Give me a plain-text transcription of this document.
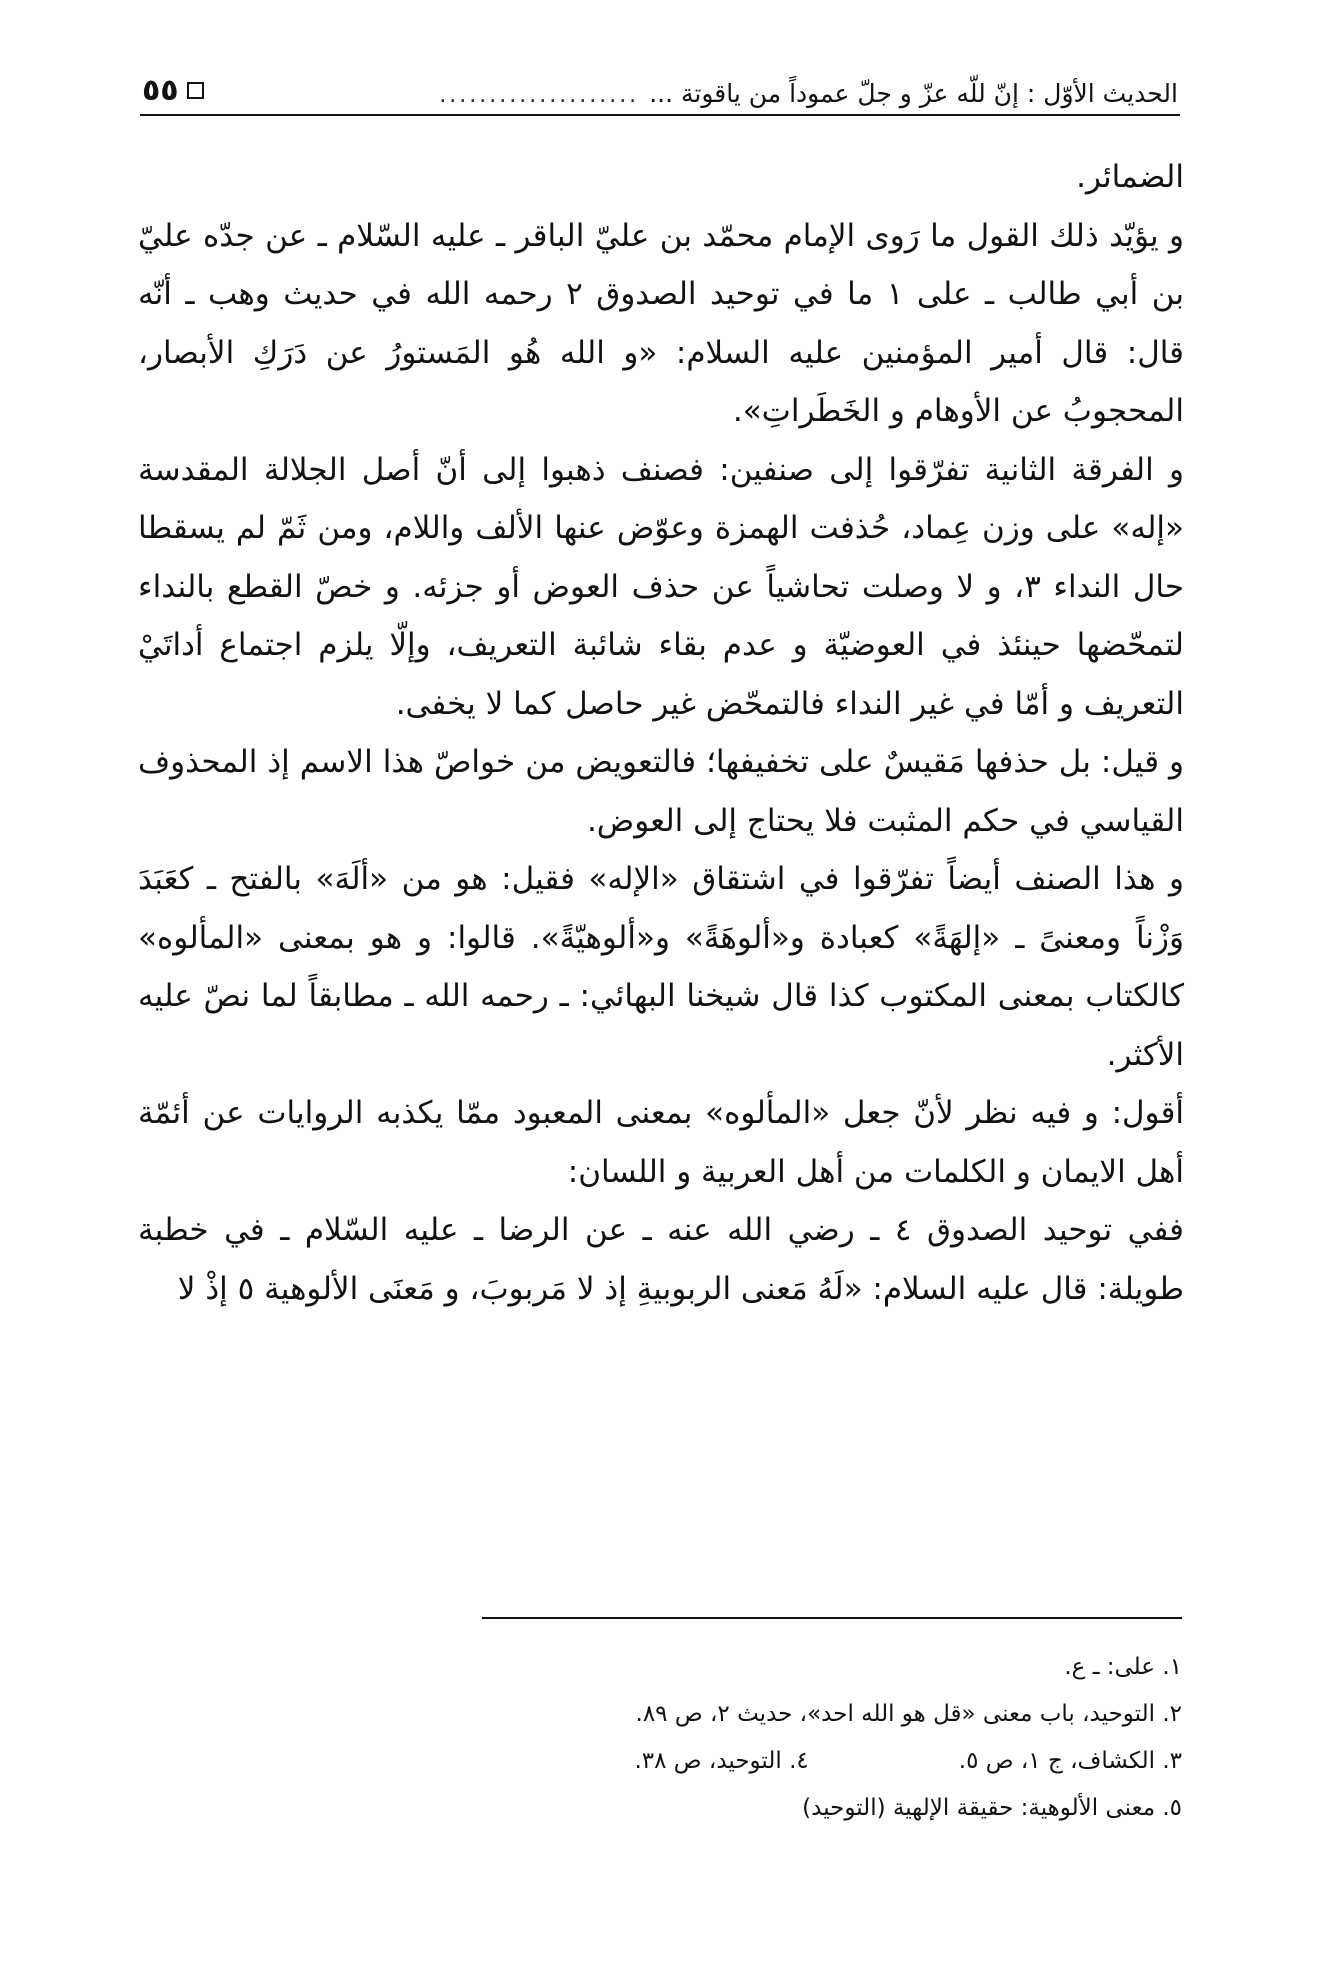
الحديث الأوّل : إنّ للّه عزّ و جلّ عموداً من ياقوتة ...
....................
٥٥

الضمائر.

و يؤيّد ذلك القول ما رَوى الإمام محمّد بن عليّ الباقر ـ عليه السّلام ـ عن جدّه عليّ بن أبي طالب ـ على ١ ما في توحيد الصدوق ٢ رحمه الله في حديث وهب ـ أنّه قال: قال أمير المؤمنين عليه السلام: «و الله هُو المَستورُ عن دَرَكِ الأبصار، المحجوبُ عن الأوهام و الخَطَراتِ».

و الفرقة الثانية تفرّقوا إلى صنفين: فصنف ذهبوا إلى أنّ أصل الجلالة المقدسة «إله» على وزن عِماد، حُذفت الهمزة وعوّض عنها الألف واللام، ومن ثَمّ لم يسقطا حال النداء ٣، و لا وصلت تحاشياً عن حذف العوض أو جزئه. و خصّ القطع بالنداء لتمحّضها حينئذ في العوضيّة و عدم بقاء شائبة التعريف، وإلّا يلزم اجتماع أداتَيْ التعريف و أمّا في غير النداء فالتمحّض غير حاصل كما لا يخفى.

و قيل: بل حذفها مَقيسٌ على تخفيفها؛ فالتعويض من خواصّ هذا الاسم إذ المحذوف القياسي في حكم المثبت فلا يحتاج إلى العوض.

و هذا الصنف أيضاً تفرّقوا في اشتقاق «الإله» فقيل: هو من «ألَهَ» بالفتح ـ كعَبَدَ وَزْناً ومعنىً ـ «إلهَةً» كعبادة و«ألوهَةً» و«ألوهيّةً». قالوا: و هو بمعنى «المألوه» كالكتاب بمعنى المكتوب كذا قال شيخنا البهائي: ـ رحمه الله ـ مطابقاً لما نصّ عليه الأكثر.

أقول: و فيه نظر لأنّ جعل «المألوه» بمعنى المعبود ممّا يكذبه الروايات عن أئمّة أهل الايمان و الكلمات من أهل العربية و اللسان:

ففي توحيد الصدوق ٤ ـ رضي الله عنه ـ عن الرضا ـ عليه السّلام ـ في خطبة طويلة: قال عليه السلام: «لَهُ مَعنى الربوبيةِ إذ لا مَربوبَ، و مَعنَى الألوهية ٥ إذْ لا

١. على: ـ ع.
٢. التوحيد، باب معنى «قل هو الله احد»، حديث ٢، ص ٨٩.
٣. الكشاف، ج ١، ص ٥.
٤. التوحيد، ص ٣٨.
٥. معنى الألوهية: حقيقة الإلهية (التوحيد)
